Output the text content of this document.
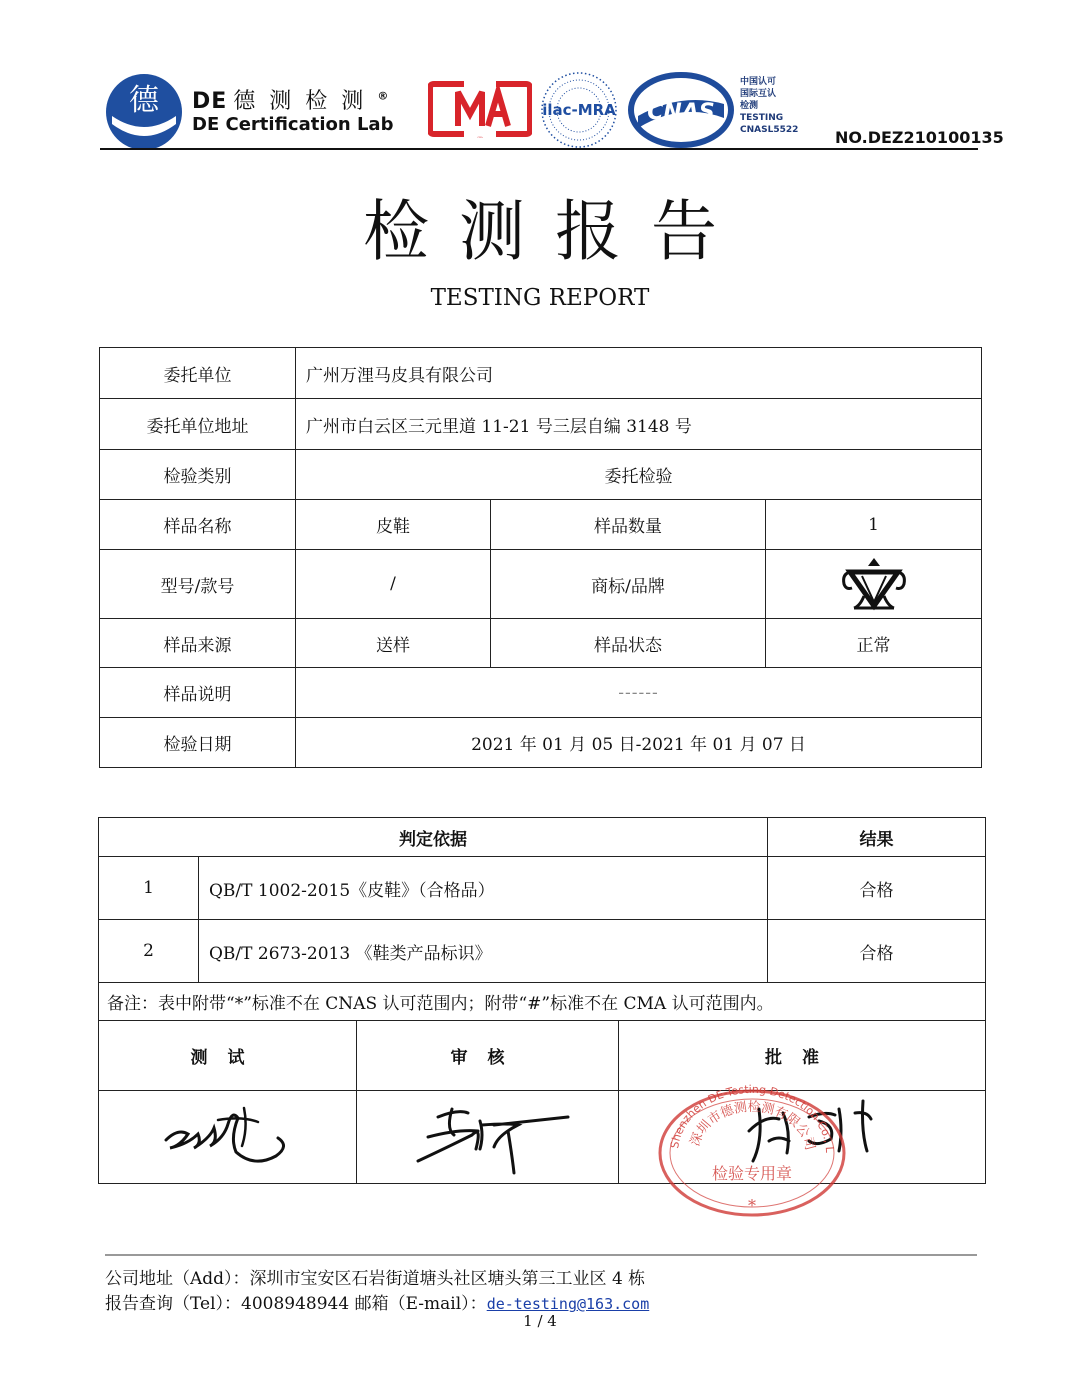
德 DE 德测检测®
DE Certification Lab
CMA
ilac-MRA CNAS
中国认可
国际互认
检测
TESTING
CNASL5522 NO.DEZ210100135
检测报告
TESTING REPORT
委托单位	广州万浬马皮具有限公司		
委托单位地址	广州市白云区三元里道 11-21 号三层自编 3148 号		
检验类别	委托检验		
样品名称	皮鞋	样品数量	1
型号/款号	/	商标/品牌	
样品来源	送样	样品状态	正常
样品说明	------		
检验日期	2021 年 01 月 05 日-2021 年 01 月 07 日		
判定依据				结果
1	QB/T 1002-2015《皮鞋》（合格品）			合格
2	QB/T 2673-2013 《鞋类产品标识》			合格
备注：表中附带“*”标准不在 CNAS 认可范围内；附带“#”标准不在 CMA 认可范围内。				
测试		审核	批准	

Shenzhen DE-Testing Detection Co., L
深圳市德测检测有限公司
检验专用章
*
公司地址（Add）：深圳市宝安区石岩街道塘头社区塘头第三工业区 4 栋
报告查询（Tel）：4008948944 邮箱（E-mail）：de-testing@163.com
1 / 4
